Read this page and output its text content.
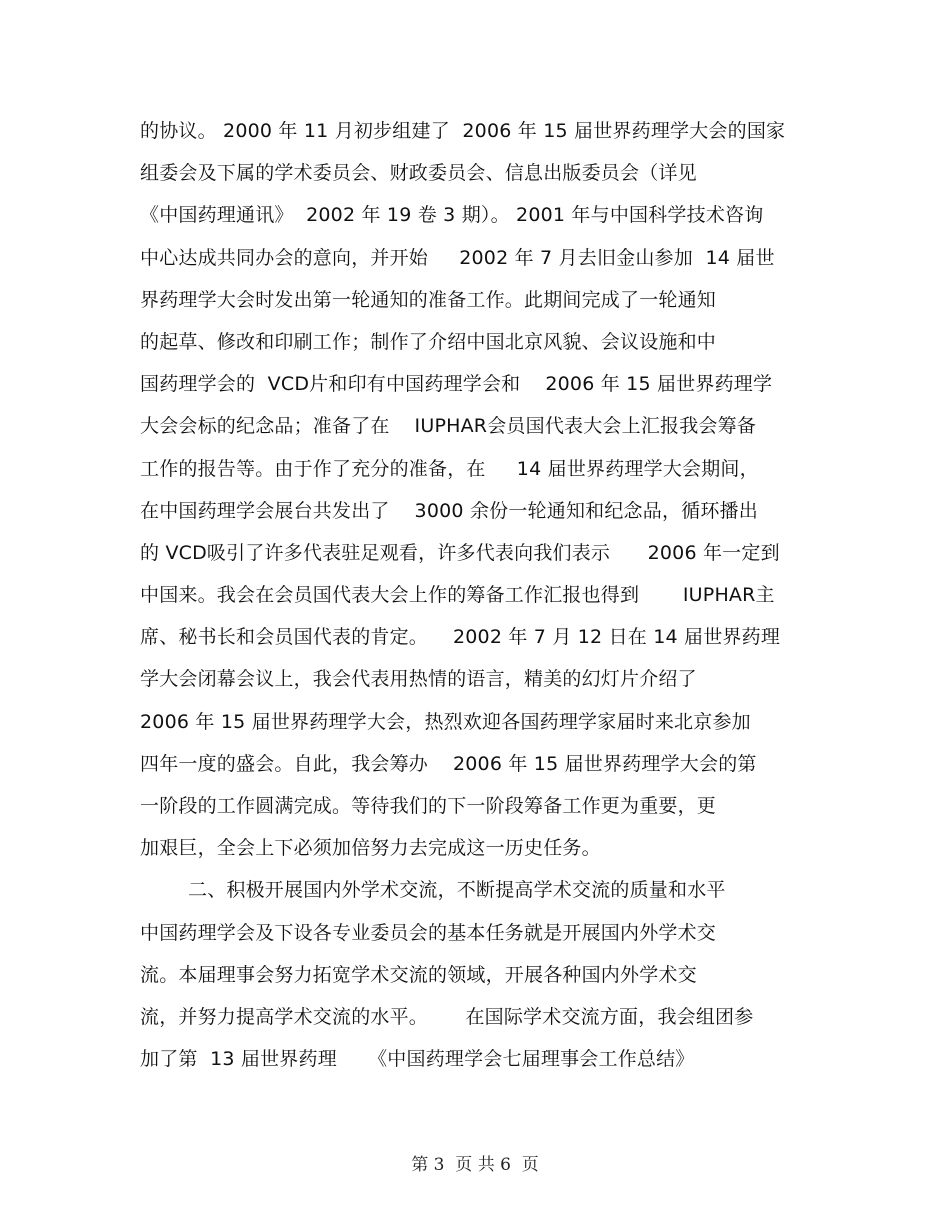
的协议。 2000 年 11 月初步组建了  2006 年 15 届世界药理学大会的国家
组委会及下属的学术委员会、财政委员会、信息出版委员会（详见
《中国药理通讯》  2002 年 19 卷 3 期）。 2001 年与中国科学技术咨询
中心达成共同办会的意向，并开始     2002 年 7 月去旧金山参加  14 届世
界药理学大会时发出第一轮通知的准备工作。此期间完成了一轮通知
的起草、修改和印刷工作；制作了介绍中国北京风貌、会议设施和中
国药理学会的  VCD片和印有中国药理学会和    2006 年 15 届世界药理学
大会会标的纪念品；准备了在    IUPHAR会员国代表大会上汇报我会筹备
工作的报告等。由于作了充分的准备，在     14 届世界药理学大会期间，
在中国药理学会展台共发出了    3000 余份一轮通知和纪念品，循环播出
的 VCD吸引了许多代表驻足观看，许多代表向我们表示      2006 年一定到
中国来。我会在会员国代表大会上作的筹备工作汇报也得到       IUPHAR主
席、秘书长和会员国代表的肯定。    2002 年 7 月 12 日在 14 届世界药理
学大会闭幕会议上，我会代表用热情的语言，精美的幻灯片介绍了
2006 年 15 届世界药理学大会，热烈欢迎各国药理学家届时来北京参加
四年一度的盛会。自此，我会筹办    2006 年 15 届世界药理学大会的第
一阶段的工作圆满完成。等待我们的下一阶段筹备工作更为重要，更
加艰巨，全会上下必须加倍努力去完成这一历史任务。
二、积极开展国内外学术交流，不断提高学术交流的质量和水平
中国药理学会及下设各专业委员会的基本任务就是开展国内外学术交
流。本届理事会努力拓宽学术交流的领域，开展各种国内外学术交
流，并努力提高学术交流的水平。      在国际学术交流方面，我会组团参
加了第  13 届世界药理     《中国药理学会七届理事会工作总结》
第 3  页 共 6  页
